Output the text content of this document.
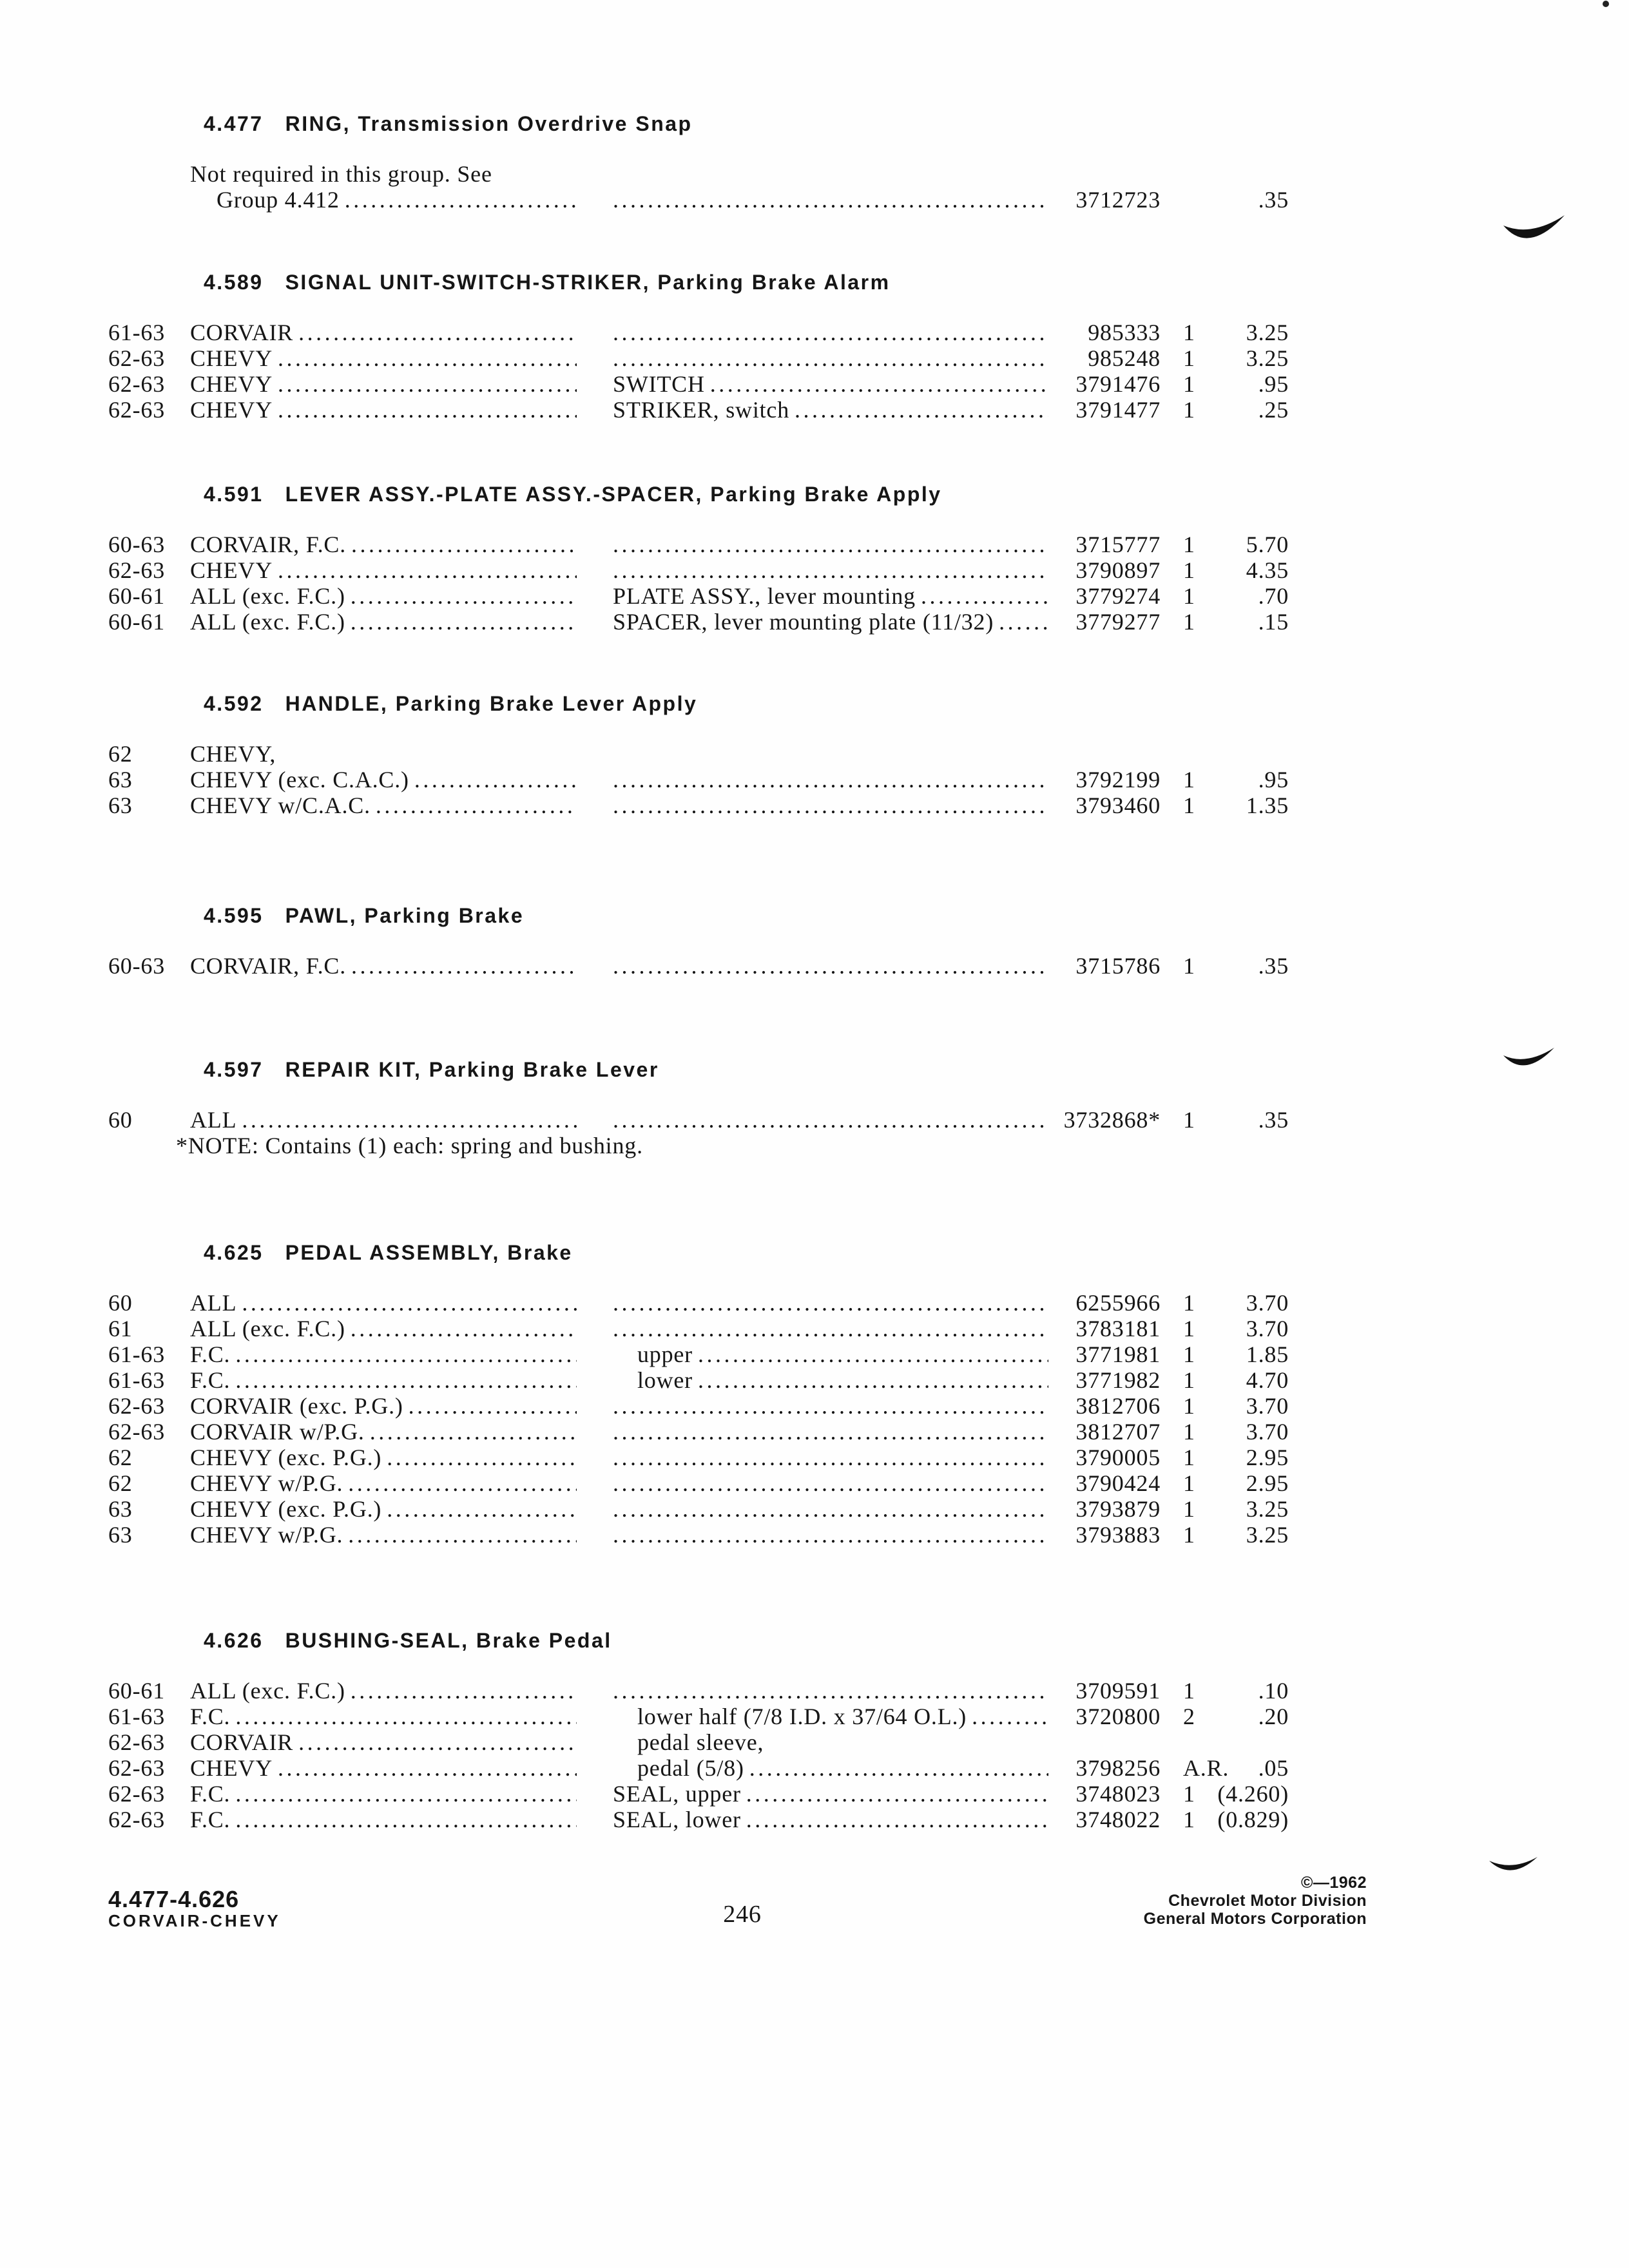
4.477 RING, Transmission Overdrive Snap
Not required in this group. See
Group 4.412 ..... .....	3712723	.35
4.589 SIGNAL UNIT-SWITCH-STRIKER, Parking Brake Alarm
61-63 CORVAIR ..... .....	985333 1	3.25
62-63 CHEVY ..... .....	985248 1	3.25
62-63 CHEVY .....	SWITCH .....	3791476 1	.95
62-63 CHEVY .....	STRIKER, switch .....	3791477 1	.25
4.591 LEVER ASSY.-PLATE ASSY.-SPACER, Parking Brake Apply
60-63 CORVAIR, F.C. ..... .....	3715777 1	5.70
62-63 CHEVY ..... .....	3790897 1	4.35
60-61 ALL (exc. F.C.) .....	PLATE ASSY., lever mounting .....	3779274 1	.70
60-61 ALL (exc. F.C.) .....	SPACER, lever mounting plate (11/32) .....	3779277 1	.15
4.592 HANDLE, Parking Brake Lever Apply
62 CHEVY,
63 CHEVY (exc. C.A.C.) ..... .....	3792199 1	.95
63 CHEVY w/C.A.C. ..... .....	3793460 1	1.35
4.595 PAWL, Parking Brake
60-63 CORVAIR, F.C. ..... .....	3715786 1	.35
4.597 REPAIR KIT, Parking Brake Lever
60 ALL ..... .....	3732868* 1	.35
*NOTE: Contains (1) each: spring and bushing.
4.625 PEDAL ASSEMBLY, Brake
60 ALL ..... .....	6255966 1	3.70
61 ALL (exc. F.C.) ..... .....	3783181 1	3.70
61-63 F.C. .....	upper .....	3771981 1	1.85
61-63 F.C. .....	lower .....	3771982 1	4.70
62-63 CORVAIR (exc. P.G.) ..... .....	3812706 1	3.70
62-63 CORVAIR w/P.G. ..... .....	3812707 1	3.70
62 CHEVY (exc. P.G.) ..... .....	3790005 1	2.95
62 CHEVY w/P.G. ..... .....	3790424 1	2.95
63 CHEVY (exc. P.G.) ..... .....	3793879 1	3.25
63 CHEVY w/P.G. ..... .....	3793883 1	3.25
4.626 BUSHING-SEAL, Brake Pedal
60-61 ALL (exc. F.C.) ..... .....	3709591 1	.10
61-63 F.C. .....	lower half (7/8 I.D. x 37/64 O.L.) .....	3720800 2	.20
62-63 CORVAIR .....	pedal sleeve,
62-63 CHEVY .....	pedal (5/8) .....	3798256 A.R.	.05
62-63 F.C. .....	SEAL, upper .....	3748023 1 (4.260)
62-63 F.C. .....	SEAL, lower .....	3748022 1 (0.829)
4.477-4.626
CORVAIR-CHEVY	246
©—1962
Chevrolet Motor Division
General Motors Corporation
